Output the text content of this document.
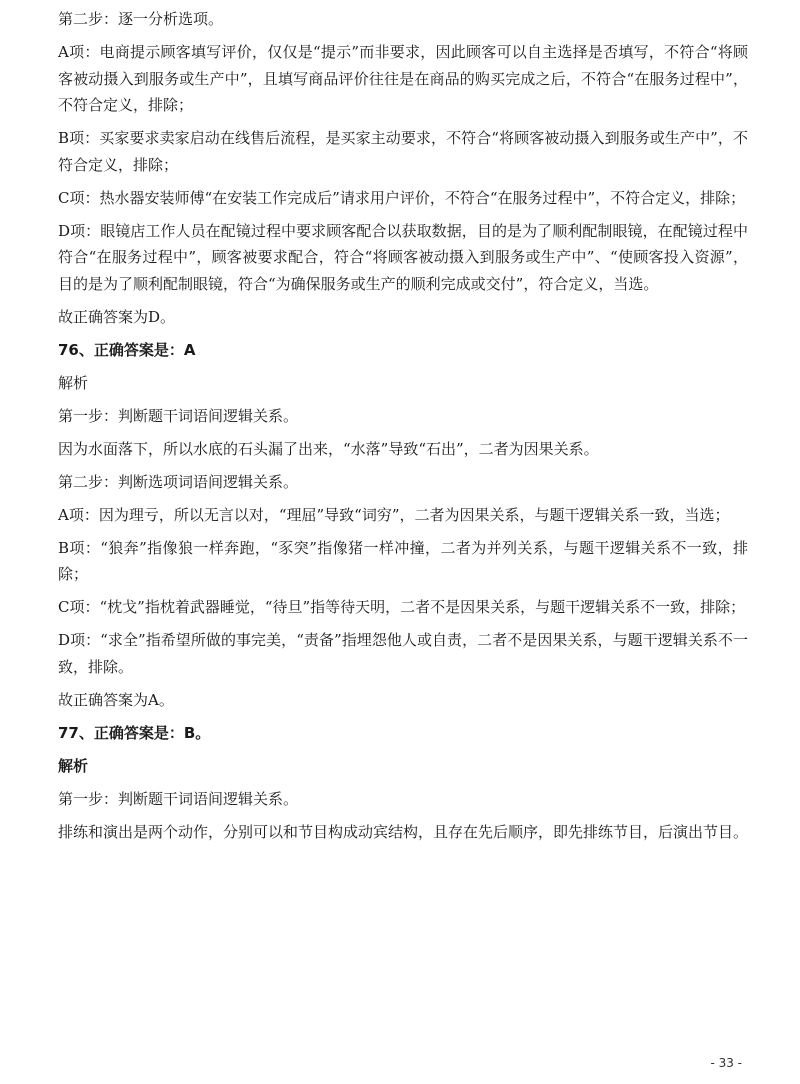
第二步：逐一分析选项。

A项：电商提示顾客填写评价，仅仅是“提示”而非要求，因此顾客可以自主选择是否填写，不符合“将顾客被动摄入到服务或生产中”，且填写商品评价往往是在商品的购买完成之后，不符合“在服务过程中”，不符合定义，排除；

B项：买家要求卖家启动在线售后流程，是买家主动要求，不符合“将顾客被动摄入到服务或生产中”，不符合定义，排除；

C项：热水器安装师傅“在安装工作完成后”请求用户评价，不符合“在服务过程中”，不符合定义，排除；

D项：眼镜店工作人员在配镜过程中要求顾客配合以获取数据，目的是为了顺利配制眼镜，在配镜过程中符合“在服务过程中”，顾客被要求配合，符合“将顾客被动摄入到服务或生产中”、“使顾客投入资源”，目的是为了顺利配制眼镜，符合“为确保服务或生产的顺利完成或交付”，符合定义，当选。

故正确答案为D。

76、正确答案是：A

解析

第一步：判断题干词语间逻辑关系。

因为水面落下，所以水底的石头漏了出来，“水落”导致“石出”，二者为因果关系。

第二步：判断选项词语间逻辑关系。

A项：因为理亏，所以无言以对，“理屈”导致“词穷”，二者为因果关系，与题干逻辑关系一致，当选；

B项：“狼奔”指像狼一样奔跑，“豕突”指像猪一样冲撞，二者为并列关系，与题干逻辑关系不一致，排除；

C项：“枕戈”指枕着武器睡觉，“待旦”指等待天明，二者不是因果关系，与题干逻辑关系不一致，排除；

D项：“求全”指希望所做的事完美，“责备”指埋怨他人或自责，二者不是因果关系，与题干逻辑关系不一致，排除。

故正确答案为A。

77、正确答案是：B。

解析

第一步：判断题干词语间逻辑关系。

排练和演出是两个动作，分别可以和节目构成动宾结构，且存在先后顺序，即先排练节目，后演出节目。

- 33 -
